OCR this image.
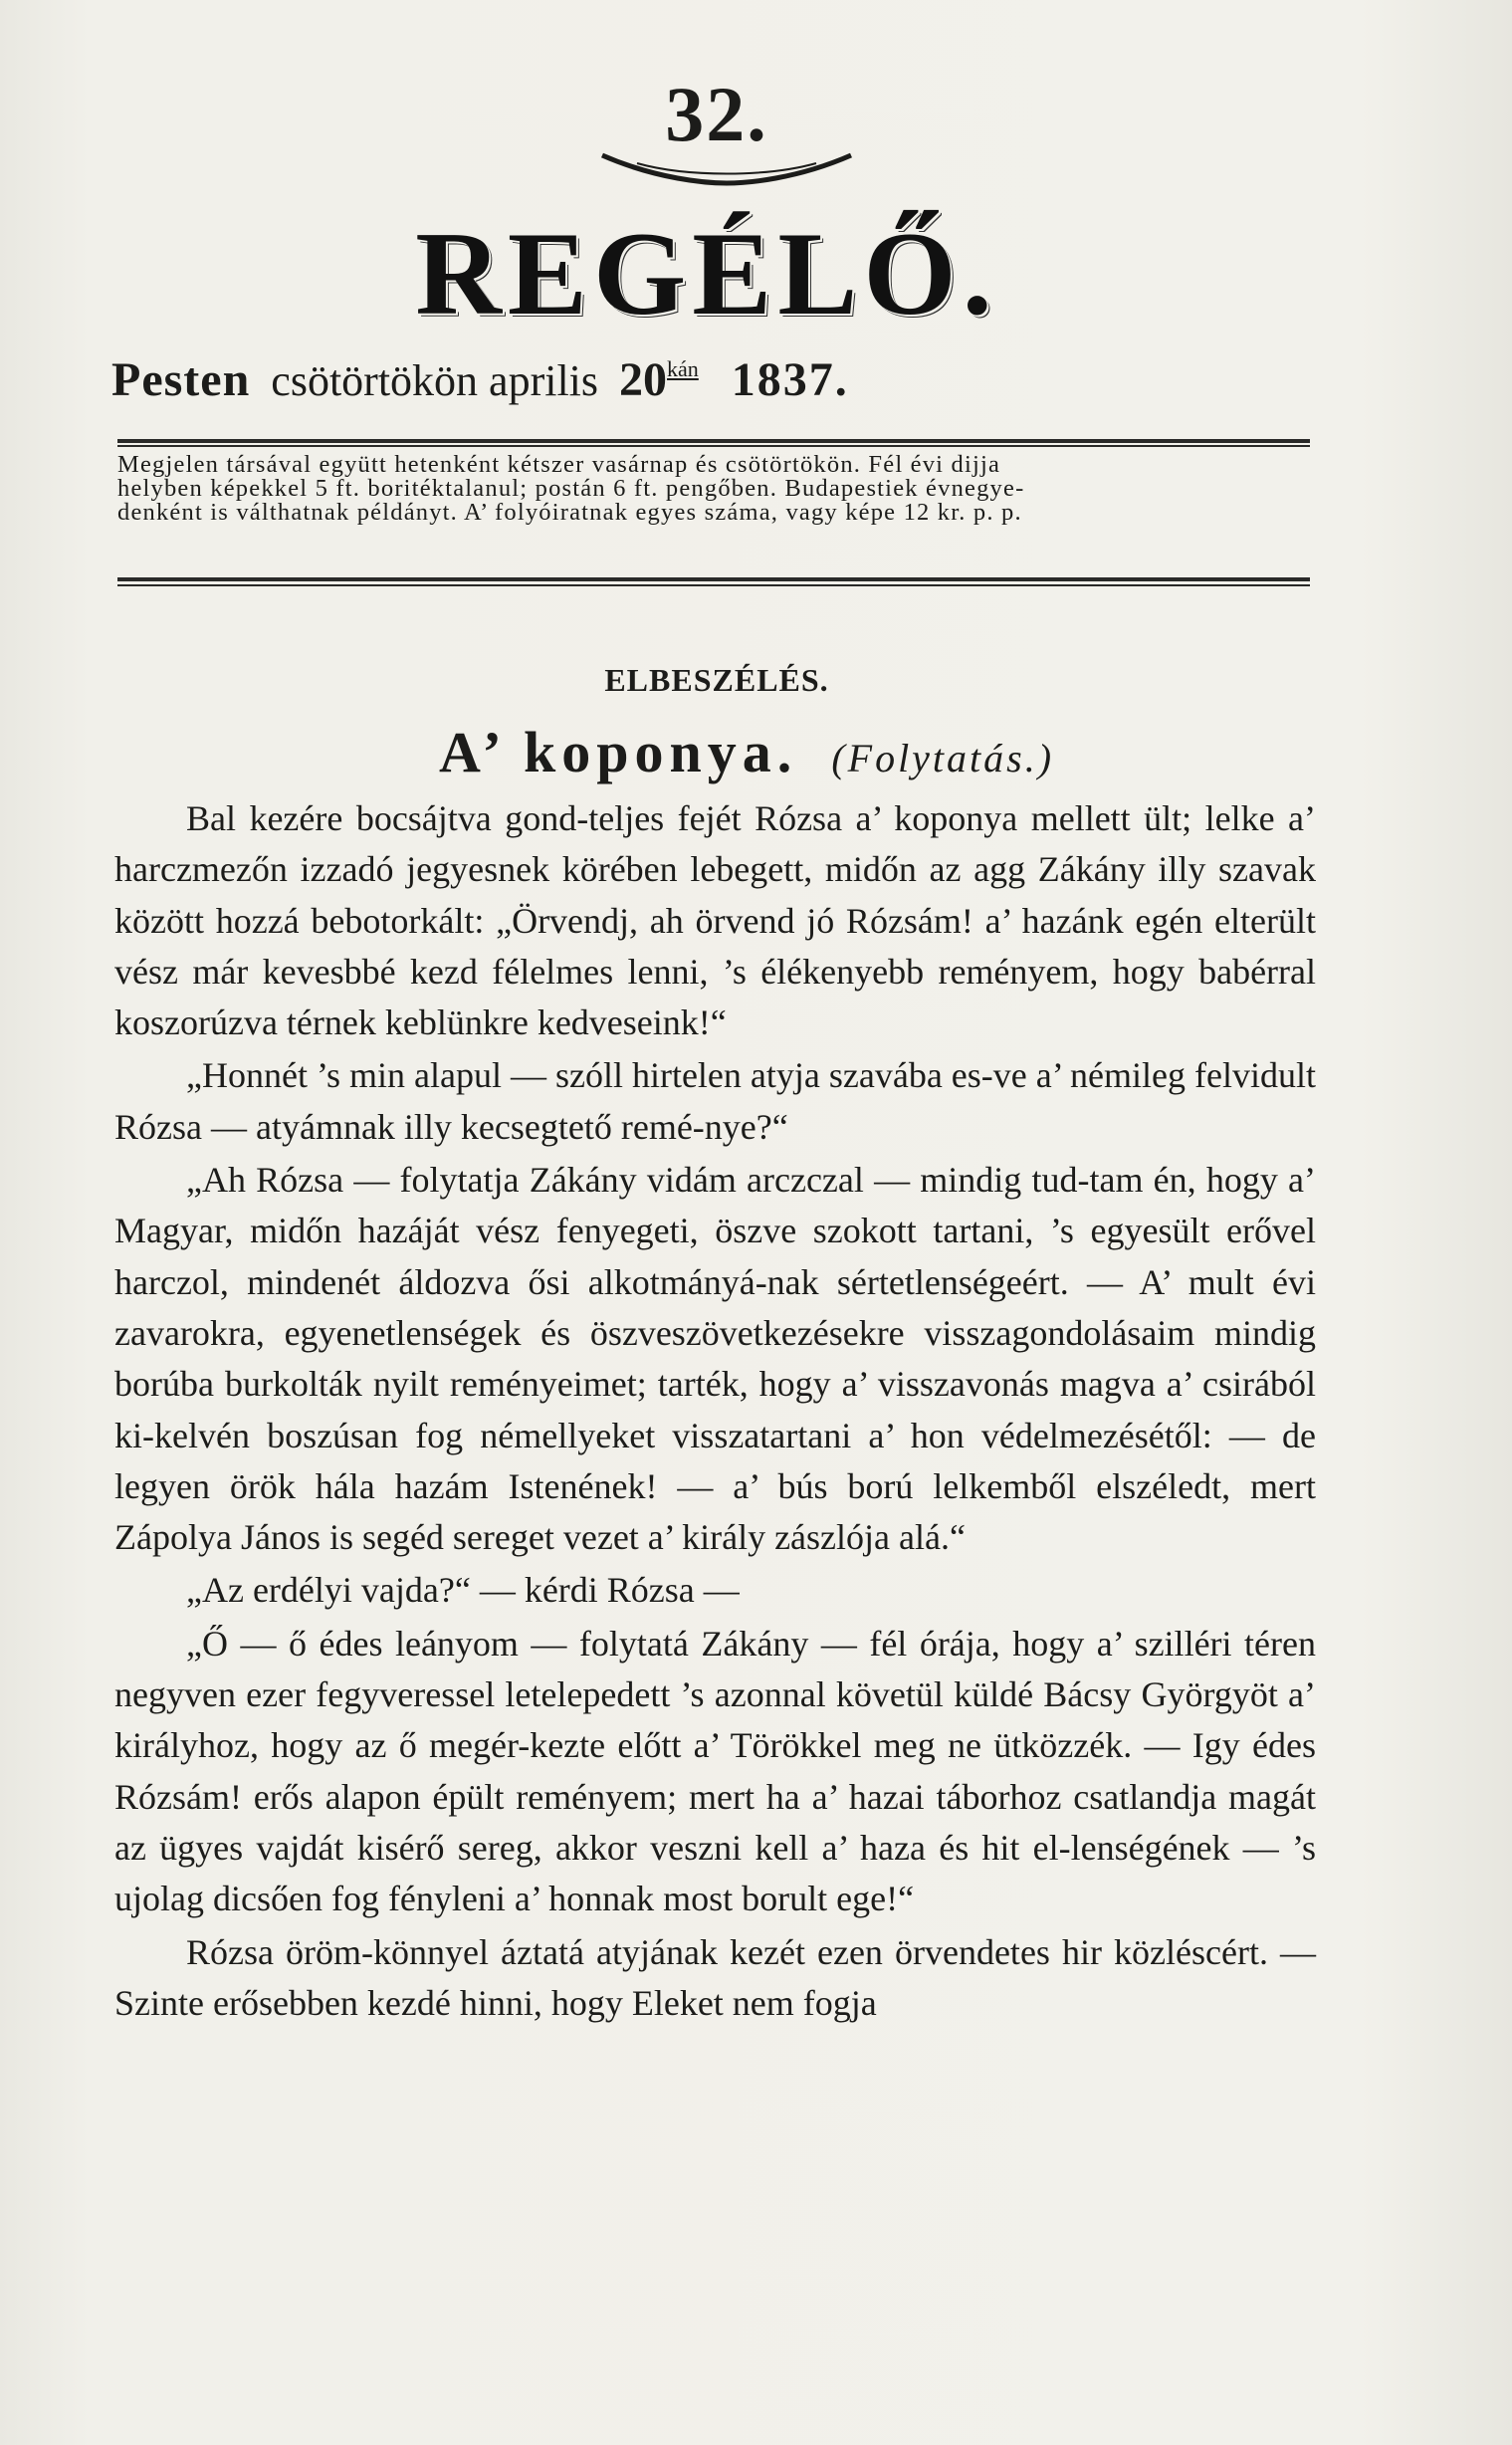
32.
REGÉLŐ.
Pesten csötörtökön aprilis $20^{kán}$ 1837.

Megjelen társával együtt hetenként kétszer vasárnap és csötörtökön. Fél évi dijja

helyben képekkel 5 ft. boritéktalanul; postán 6 ft. pengőben. Budapestiek évnegye-

denként is válthatnak példányt. A’ folyóiratnak egyes száma, vagy képe 12 kr. p. p.

ELBESZÉLÉS.
A’ koponya. (Folytatás.)

Bal kezére bocsájtva gond-teljes fejét Rózsa a’ koponya mellett ült; lelke a’ harczmezőn izzadó jegyesnek körében lebegett, midőn az agg Zákány illy szavak között hozzá bebotorkált: „Örvendj, ah örvend jó Rózsám! a’ hazánk egén elterült vész már kevesbbé kezd félelmes lenni, ’s élékenyebb reményem, hogy babérral koszorúzva térnek keblünkre kedveseink!“

„Honnét ’s min alapul — szóll hirtelen atyja szavába es-ve a’ némileg felvidult Rózsa — atyámnak illy kecsegtető remé-nye?“

„Ah Rózsa — folytatja Zákány vidám arczczal — mindig tud-tam én, hogy a’ Magyar, midőn hazáját vész fenyegeti, öszve szokott tartani, ’s egyesült erővel harczol, mindenét áldozva ősi alkotmányá-nak sértetlenségeért. — A’ mult évi zavarokra, egyenetlenségek és öszveszövetkezésekre visszagondolásaim mindig borúba burkolták nyilt reményeimet; tarték, hogy a’ visszavonás magva a’ csirából ki-kelvén boszúsan fog némellyeket visszatartani a’ hon védelmezésétől: — de legyen örök hála hazám Istenének! — a’ bús ború lelkemből elszéledt, mert Zápolya János is segéd sereget vezet a’ király zászlója alá.“

„Az erdélyi vajda?“ — kérdi Rózsa —

„Ő — ő édes leányom — folytatá Zákány — fél órája, hogy a’ szilléri téren negyven ezer fegyveressel letelepedett ’s azonnal követül küldé Bácsy Györgyöt a’ királyhoz, hogy az ő megér-kezte előtt a’ Törökkel meg ne ütközzék. — Igy édes Rózsám! erős alapon épült reményem; mert ha a’ hazai táborhoz csatlandja magát az ügyes vajdát kisérő sereg, akkor veszni kell a’ haza és hit el-lenségének — ’s ujolag dicsően fog fényleni a’ honnak most borult ege!“

Rózsa öröm-könnyel áztatá atyjának kezét ezen örvendetes hir közléscért. — Szinte erősebben kezdé hinni, hogy Eleket nem fogja
